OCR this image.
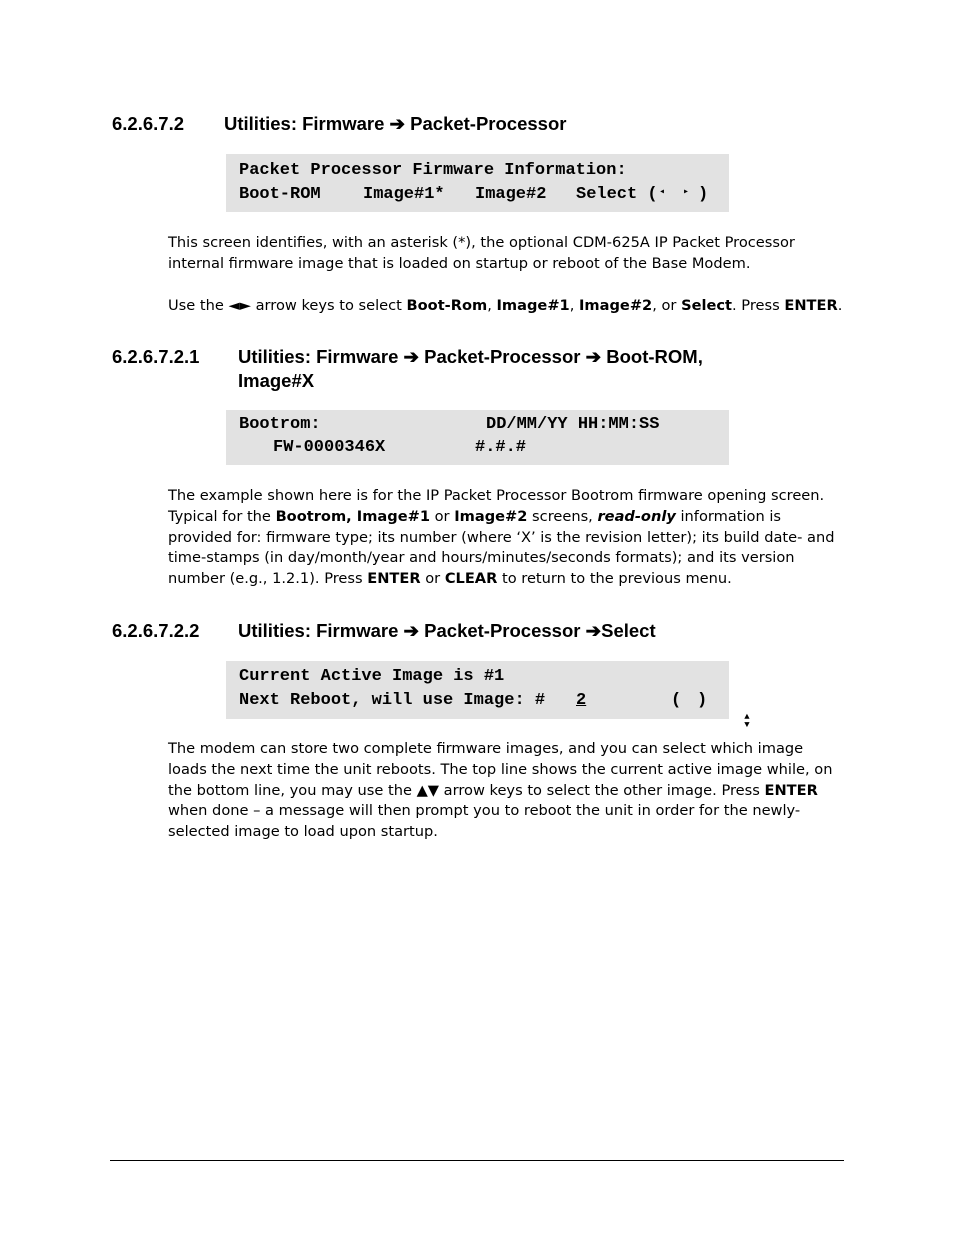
6.2.6.7.2 Utilities: Firmware ➔ Packet-Processor
Packet Processor Firmware Information:

Boot-ROM

Image#1*

Image#2

Select (

◂

▸

)

This screen identifies, with an asterisk (*), the optional CDM-625A IP Packet Processor internal firmware image that is loaded on startup or reboot of the Base Modem.
Use the ◄► arrow keys to select Boot-Rom, Image#1, Image#2, or Select. Press ENTER.
6.2.6.7.2.1 Utilities: Firmware ➔ Packet-Processor ➔ Boot-ROM,
Image#X

Bootrom:

	DD/MM/YY HH:MM:SS

FW-0000346X

	#.#.#

The example shown here is for the IP Packet Processor Bootrom firmware opening screen. Typical for the Bootrom, Image#1 or Image#2 screens, read-only information is provided for: firmware type; its number (where ‘X’ is the revision letter); its build date- and time-stamps (in day/month/year and hours/minutes/seconds formats); and its version number (e.g., 1.2.1). Press ENTER or CLEAR to return to the previous menu.
6.2.6.7.2.2 Utilities: Firmware ➔ Packet-Processor ➔Select
Current Active Image is #1

Next Reboot, will use Image: #

2

	(

▲
▼

)

The modem can store two complete firmware images, and you can select which image loads the next time the unit reboots. The top line shows the current active image while, on the bottom line, you may use the ▲▼ arrow keys to select the other image. Press ENTER when done – a message will then prompt you to reboot the unit in order for the newly-selected image to load upon startup.
